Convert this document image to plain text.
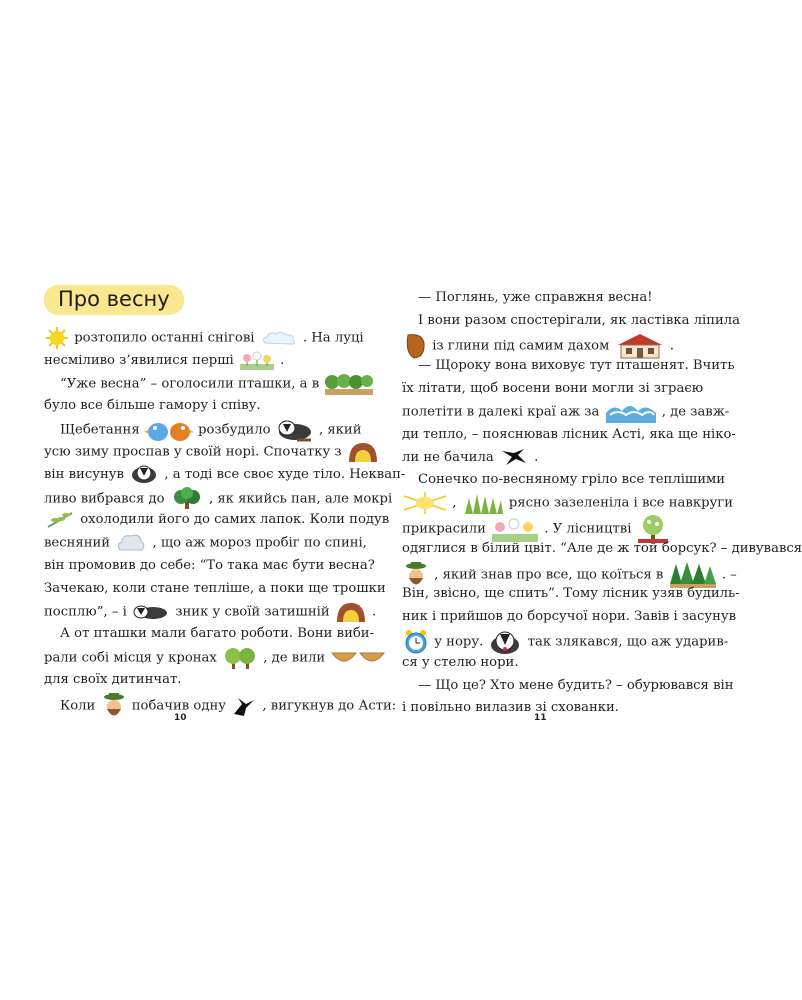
Про весну
розтопило останні снігові	. На луці
несміливо з’явилися перші	.
“Уже весна” – оголосили пташки, а в
було все більше гамору і співу.
Щебетання	розбудило	, який
усю зиму проспав у своїй норі. Спочатку з
він висунув	, а тоді все своє худе тіло. Неквап-
ливо вибрався до	, як якийсь пан, але мокрі
охолодили його до самих лапок. Коли подув
весняний	, що аж мороз пробіг по спині,
він промовив до себе: “То така має бути весна?
Зачекаю, коли стане тепліше, а поки ще трошки
посплю”, – і	зник у своїй затишній	.
А от пташки мали багато роботи. Вони виби-
рали собі місця у кронах	, де вили
для своїх дитинчат.
Коли	побачив одну	, вигукнув до Асти:
— Поглянь, уже справжня весна!
І вони разом спостерігали, як ластівка ліпила
із глини під самим дахом	.
— Щороку вона виховує тут пташенят. Вчить
їх літати, щоб восени вони могли зі зграєю
полетіти в далекі краї аж за	, де завж-
ди тепло, – пояснював лісник Асті, яка ще ніко-
ли не бачила	.
Сонечко по-весняному гріло все теплішими
,	рясно зазеленіла і все навкруги
прикрасили	. У лісництві
одяглися в білий цвіт. “Але де ж той борсук? – дивувався
, який знав про все, що коїться в	. –
Він, звісно, ще спить”. Тому лісник узяв будиль-
ник і прийшов до борсучої нори. Завів і засунув
у нору.	так злякався, що аж ударив-
ся у стелю нори.
— Що це? Хто мене будить? – обурювався він
і повільно вилазив зі схованки.
10	11
